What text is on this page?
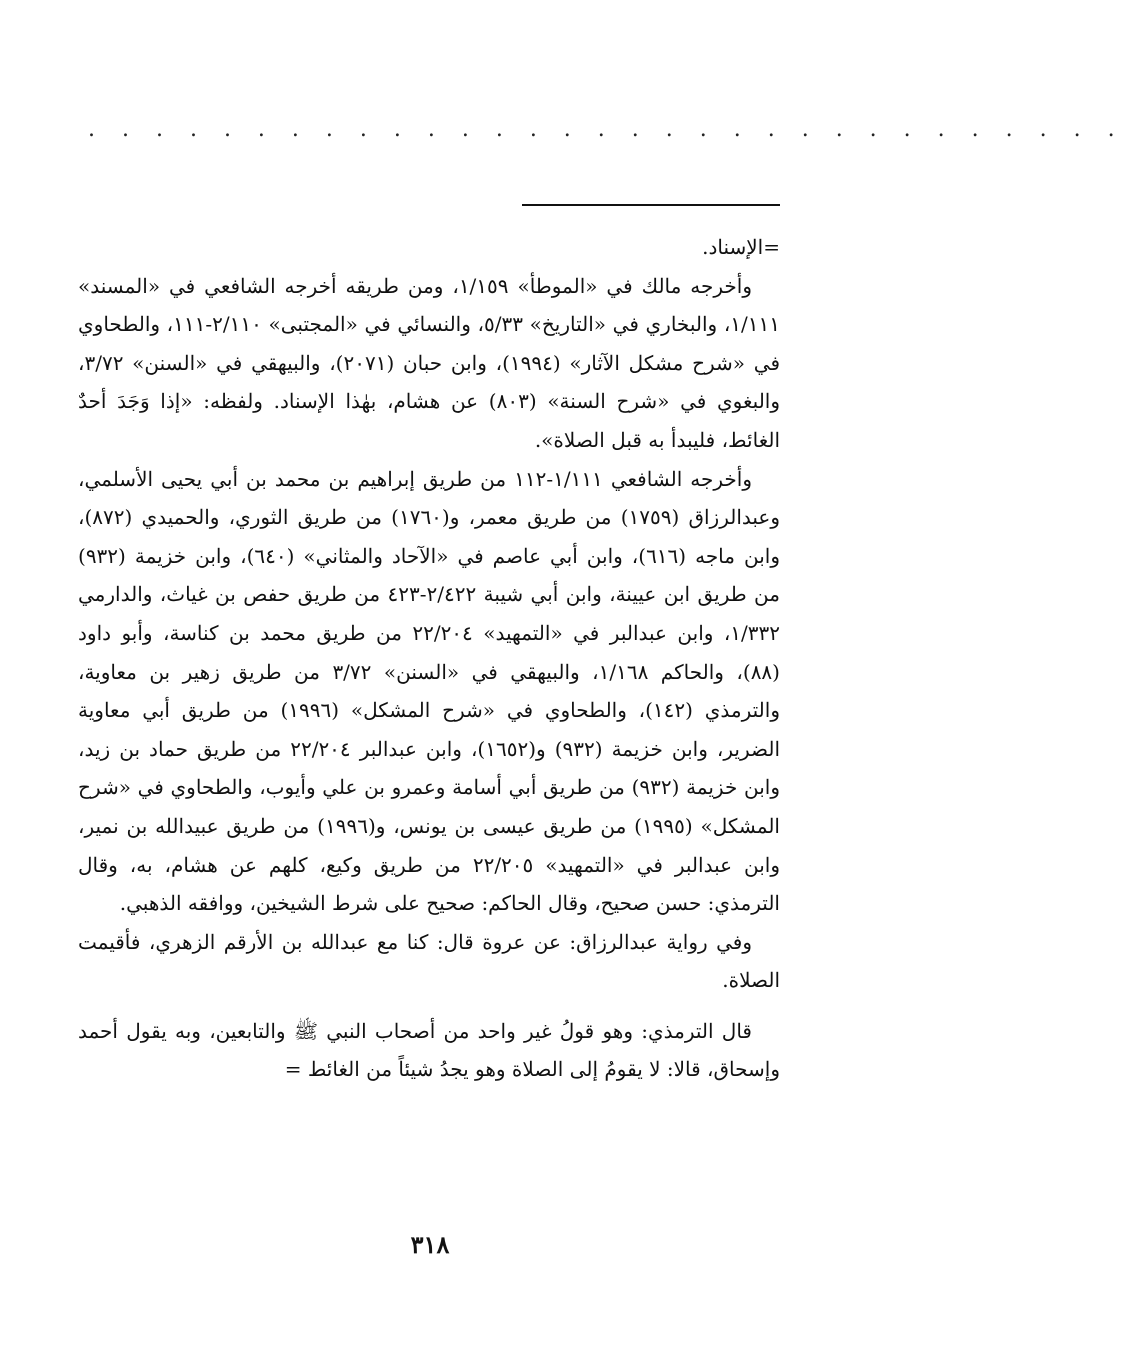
. . . . . . . . . . . . . . . . . . . . . . . . . . . . . . .

=الإسناد.

وأخرجه مالك في «الموطأ» ١/١٥٩، ومن طريقه أخرجه الشافعي في «المسند» ١/١١١، والبخاري في «التاريخ» ٥/٣٣، والنسائي في «المجتبى» ٢/١١٠-١١١، والطحاوي في «شرح مشكل الآثار» (١٩٩٤)، وابن حبان (٢٠٧١)، والبيهقي في «السنن» ٣/٧٢، والبغوي في «شرح السنة» (٨٠٣) عن هشام، بهٰذا الإسناد. ولفظه: «إذا وَجَدَ أحدٌ الغائط، فليبدأ به قبل الصلاة».

وأخرجه الشافعي ١/١١١-١١٢ من طريق إبراهيم بن محمد بن أبي يحيى الأسلمي، وعبدالرزاق (١٧٥٩) من طريق معمر، و(١٧٦٠) من طريق الثوري، والحميدي (٨٧٢)، وابن ماجه (٦١٦)، وابن أبي عاصم في «الآحاد والمثاني» (٦٤٠)، وابن خزيمة (٩٣٢) من طريق ابن عيينة، وابن أبي شيبة ٢/٤٢٢-٤٢٣ من طريق حفص بن غياث، والدارمي ١/٣٣٢، وابن عبدالبر في «التمهيد» ٢٢/٢٠٤ من طريق محمد بن كناسة، وأبو داود (٨٨)، والحاكم ١/١٦٨، والبيهقي في «السنن» ٣/٧٢ من طريق زهير بن معاوية، والترمذي (١٤٢)، والطحاوي في «شرح المشكل» (١٩٩٦) من طريق أبي معاوية الضرير، وابن خزيمة (٩٣٢) و(١٦٥٢)، وابن عبدالبر ٢٢/٢٠٤ من طريق حماد بن زيد، وابن خزيمة (٩٣٢) من طريق أبي أسامة وعمرو بن علي وأيوب، والطحاوي في «شرح المشكل» (١٩٩٥) من طريق عيسى بن يونس، و(١٩٩٦) من طريق عبيدالله بن نمير، وابن عبدالبر في «التمهيد» ٢٢/٢٠٥ من طريق وكيع، كلهم عن هشام، به، وقال الترمذي: حسن صحيح، وقال الحاكم: صحيح على شرط الشيخين، ووافقه الذهبي.

وفي رواية عبدالرزاق: عن عروة قال: كنا مع عبدالله بن الأرقم الزهري، فأقيمت الصلاة.

قال الترمذي: وهو قولُ غير واحد من أصحاب النبي ﷺ والتابعين، وبه يقول أحمد وإسحاق، قالا: لا يقومُ إلى الصلاة وهو يجدُ شيئاً من الغائط =

٣١٨
